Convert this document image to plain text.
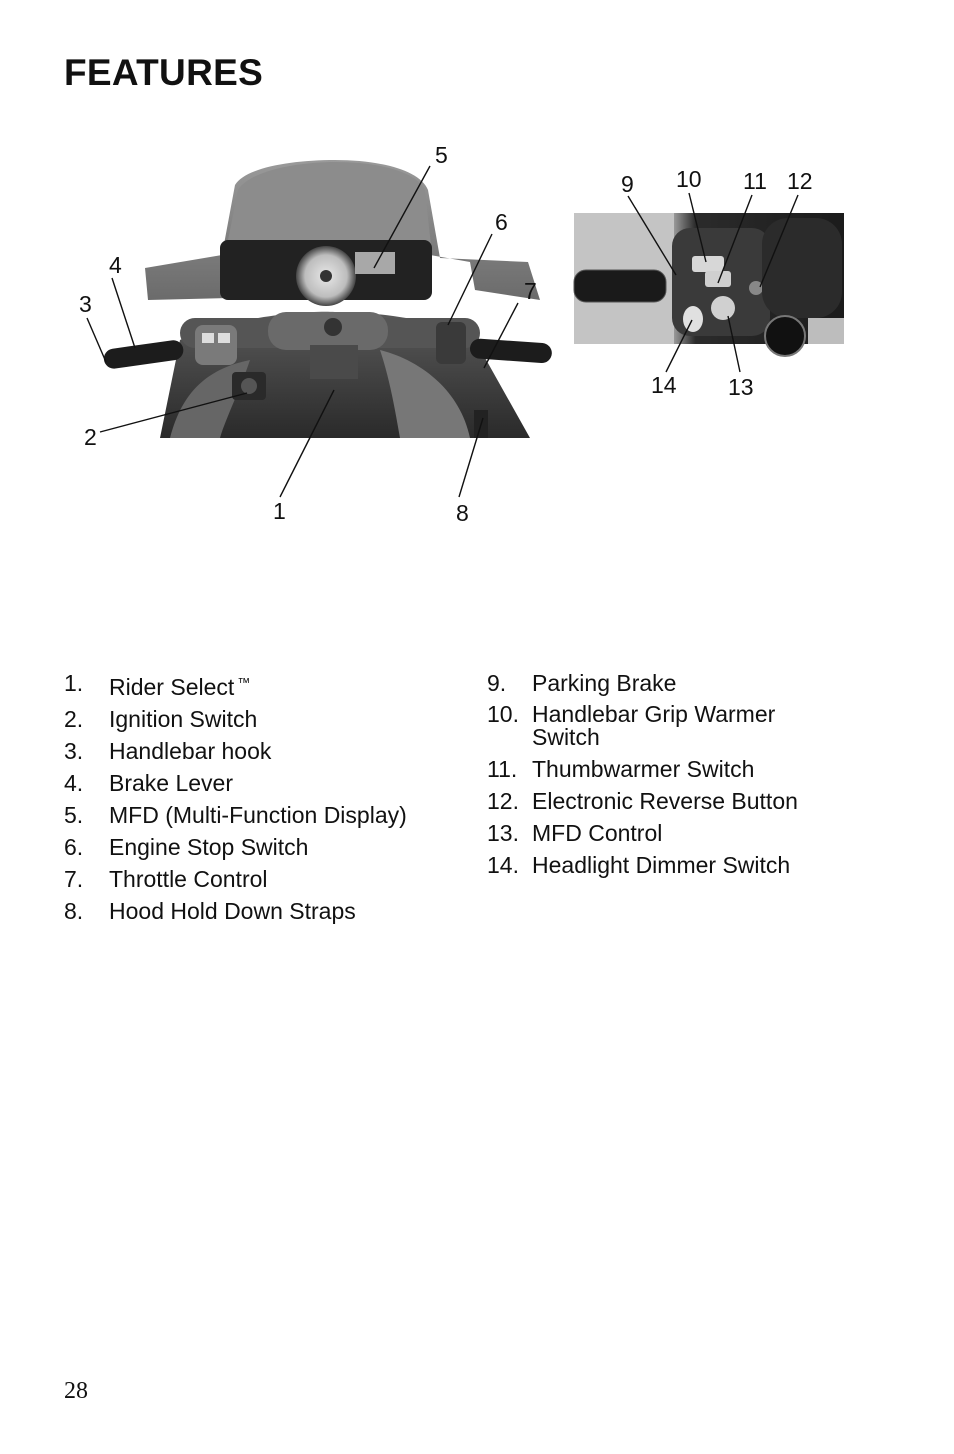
FEATURES
1
2
3
4
5
6
7
8
9 10 11 12
13
14
1.	Rider Select ™
2.	Ignition Switch
3.	Handlebar hook
4.	Brake Lever
5.	MFD (Multi-Function Display)
6.	Engine Stop Switch
7.	Throttle Control
8.	Hood Hold Down Straps
9.	Parking Brake
10. Handlebar Grip Warmer Switch
11. Thumbwarmer Switch
12. Electronic Reverse Button
13. MFD Control
14. Headlight Dimmer Switch
28
